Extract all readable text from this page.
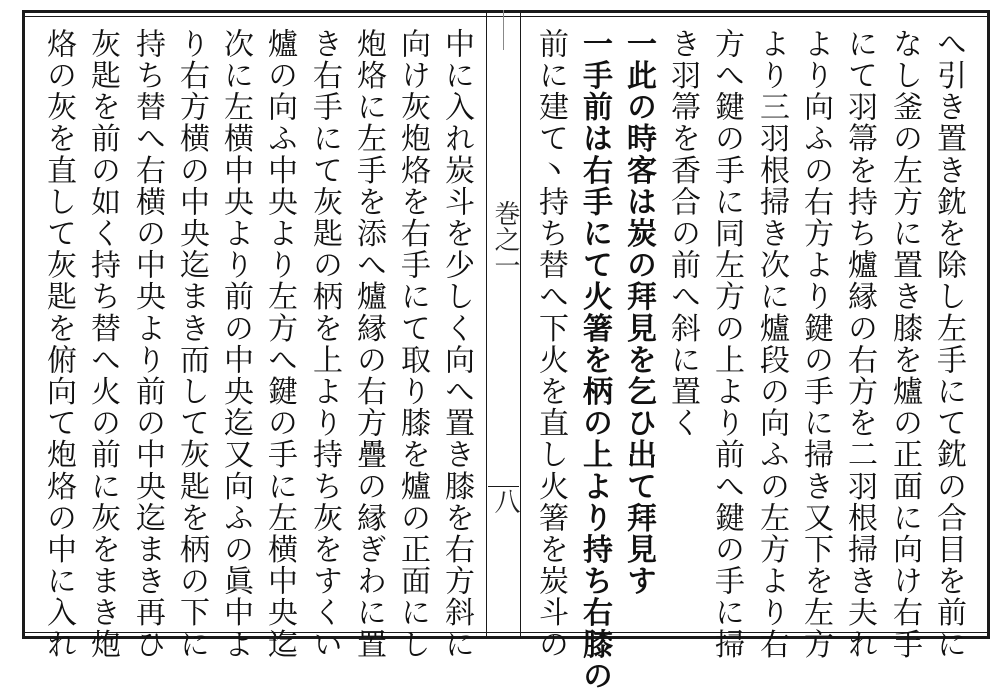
巻之一
八	へ引き置き鈂を除し左手にて鈂の合目を前に
なし釜の左方に置き膝を爐の正面に向け右手
にて羽箒を持ち爐縁の右方を二羽根掃き夫れ
より向ふの右方より鍵の手に掃き又下を左方
より三羽根掃き次に爐段の向ふの左方より右
方へ鍵の手に同左方の上より前へ鍵の手に掃
き羽箒を香合の前へ斜に置く
一此の時客は炭の拜見を乞ひ出て拜見す
一手前は右手にて火箸を柄の上より持ち右膝の
前に建て丶持ち替へ下火を直し火箸を炭斗の
中に入れ炭斗を少しく向へ置き膝を右方斜に
向け灰炮烙を右手にて取り膝を爐の正面にし
炮烙に左手を添へ爐縁の右方疊の縁ぎわに置
き右手にて灰匙の柄を上より持ち灰をすくい
爐の向ふ中央より左方へ鍵の手に左横中央迄
次に左横中央より前の中央迄又向ふの眞中よ
り右方横の中央迄まき而して灰匙を柄の下に
持ち替へ右横の中央より前の中央迄まき再ひ
灰匙を前の如く持ち替へ火の前に灰をまき炮
烙の灰を直して灰匙を俯向て炮烙の中に入れ
